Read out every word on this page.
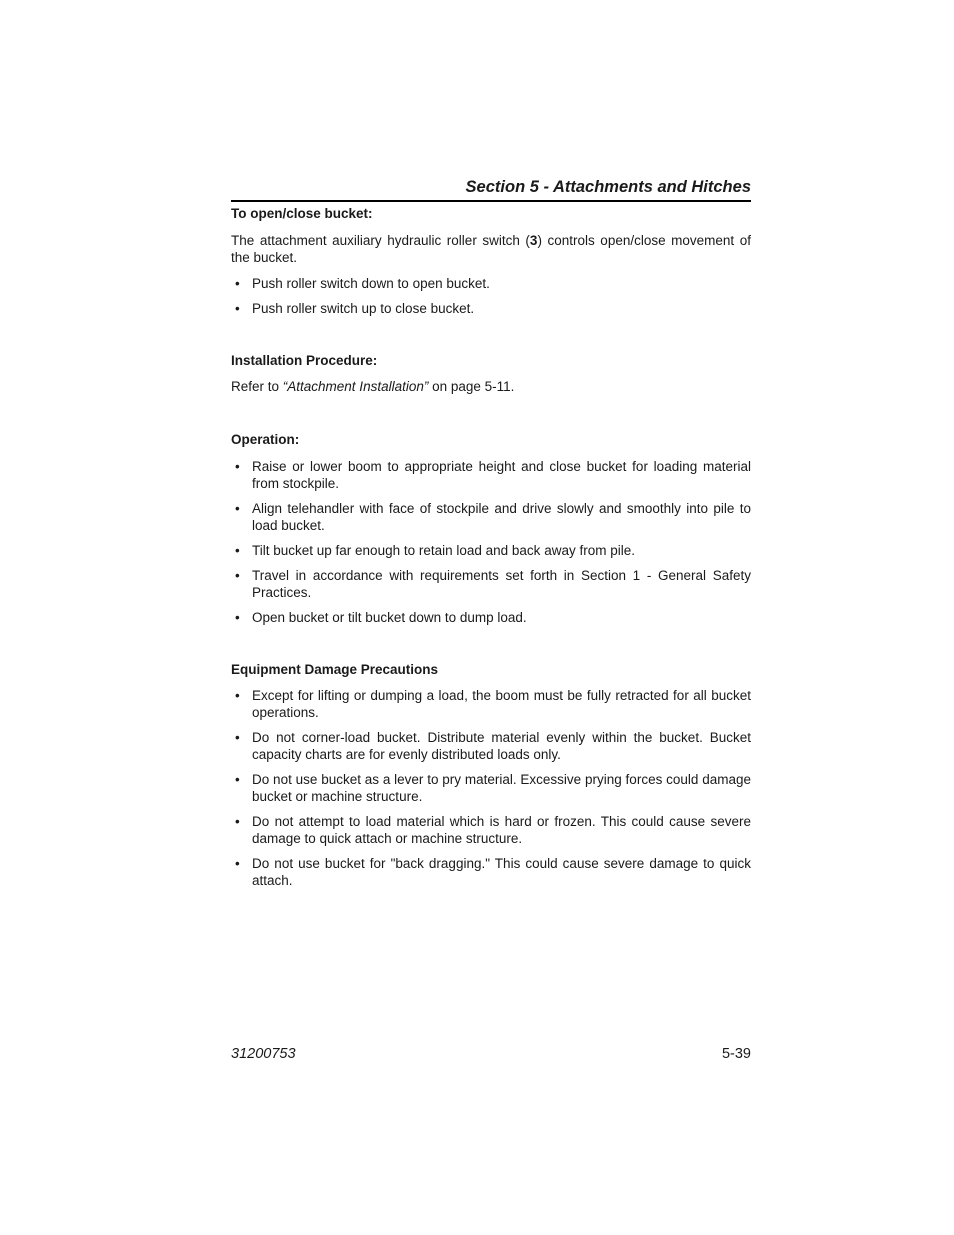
Section 5 - Attachments and Hitches
To open/close bucket:

The attachment auxiliary hydraulic roller switch (3) controls open/close movement of the bucket.

• Push roller switch down to open bucket.
• Push roller switch up to close bucket.
Installation Procedure:

Refer to “Attachment Installation” on page 5-11.

Operation:
• Raise or lower boom to appropriate height and close bucket for loading material from stockpile.
• Align telehandler with face of stockpile and drive slowly and smoothly into pile to load bucket.
• Tilt bucket up far enough to retain load and back away from pile.
• Travel in accordance with requirements set forth in Section 1 - General Safety Practices.
• Open bucket or tilt bucket down to dump load.
Equipment Damage Precautions
• Except for lifting or dumping a load, the boom must be fully retracted for all bucket operations.
• Do not corner-load bucket. Distribute material evenly within the bucket. Bucket capacity charts are for evenly distributed loads only.
• Do not use bucket as a lever to pry material. Excessive prying forces could damage bucket or machine structure.
• Do not attempt to load material which is hard or frozen. This could cause severe damage to quick attach or machine structure.
• Do not use bucket for "back dragging." This could cause severe damage to quick attach.
31200753	5-39
